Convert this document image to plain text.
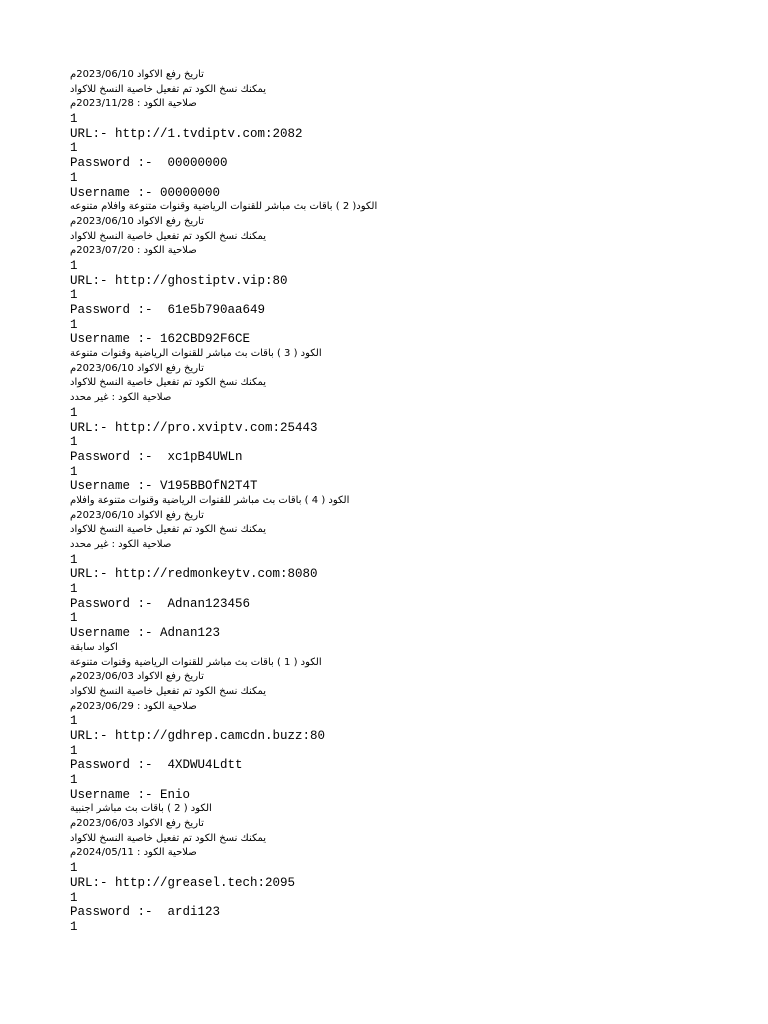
تاريخ رفع الاكواد 2023/06/10م
يمكنك نسخ الكود تم تفعيل خاصية النسخ للاكواد
صلاحية الكود : 2023/11/28م
1
URL:- http://1.tvdiptv.com:2082
1
Password :-  00000000
1
Username :- 00000000
الكود( 2 ) باقات بث مباشر للقنوات الرياضية وقنوات متنوعة وافلام متنوعه
تاريخ رفع الاكواد 2023/06/10م
يمكنك نسخ الكود تم تفعيل خاصية النسخ للاكواد
صلاحية الكود : 2023/07/20م
1
URL:- http://ghostiptv.vip:80
1
Password :-  61e5b790aa649
1
Username :- 162CBD92F6CE
الكود ( 3 ) باقات بث مباشر للقنوات الرياضية وقنوات متنوعة
تاريخ رفع الاكواد 2023/06/10م
يمكنك نسخ الكود تم تفعيل خاصية النسخ للاكواد
صلاحية الكود : غير محدد
1
URL:- http://pro.xviptv.com:25443
1
Password :-  xc1pB4UWLn
1
Username :- V195BBOfN2T4T
الكود ( 4 ) باقات بث مباشر للقنوات الرياضية وقنوات متنوعة وافلام
تاريخ رفع الاكواد 2023/06/10م
يمكنك نسخ الكود تم تفعيل خاصية النسخ للاكواد
صلاحية الكود : غير محدد
1
URL:- http://redmonkeytv.com:8080
1
Password :-  Adnan123456
1
Username :- Adnan123
اكواد سابقة
الكود ( 1 ) باقات بث مباشر للقنوات الرياضية وقنوات متنوعة
تاريخ رفع الاكواد 2023/06/03م
يمكنك نسخ الكود تم تفعيل خاصية النسخ للاكواد
صلاحية الكود : 2023/06/29م
1
URL:- http://gdhrep.camcdn.buzz:80
1
Password :-  4XDWU4Ldtt
1
Username :- Enio
الكود ( 2 ) باقات بث مباشر اجنبية
تاريخ رفع الاكواد 2023/06/03م
يمكنك نسخ الكود تم تفعيل خاصية النسخ للاكواد
صلاحية الكود : 2024/05/11م
1
URL:- http://greasel.tech:2095
1
Password :-  ardi123
1
